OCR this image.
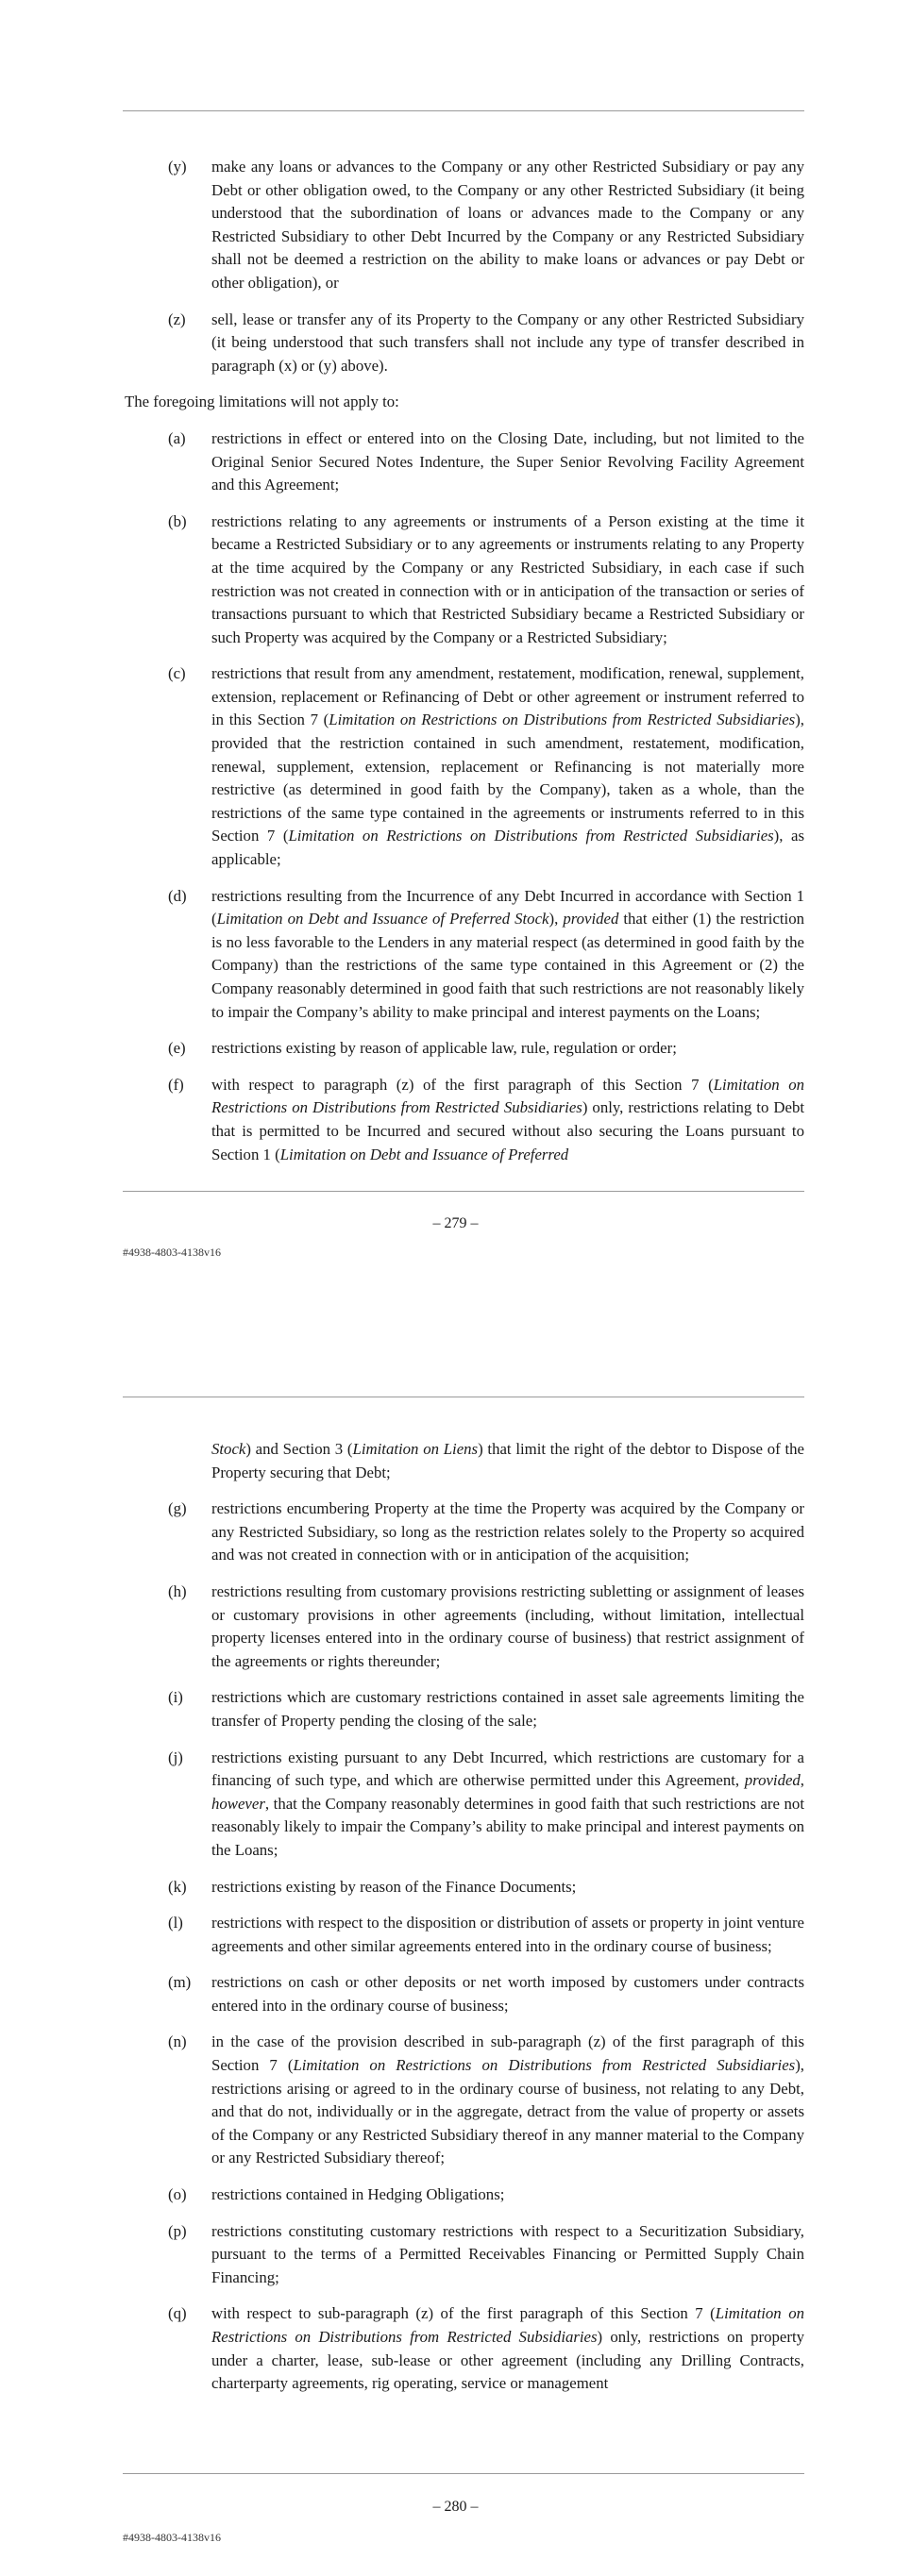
(y)	make any loans or advances to the Company or any other Restricted Subsidiary or pay any Debt or other obligation owed, to the Company or any other Restricted Subsidiary (it being understood that the subordination of loans or advances made to the Company or any Restricted Subsidiary to other Debt Incurred by the Company or any Restricted Subsidiary shall not be deemed a restriction on the ability to make loans or advances or pay Debt or other obligation), or
(z)	sell, lease or transfer any of its Property to the Company or any other Restricted Subsidiary (it being understood that such transfers shall not include any type of transfer described in paragraph (x) or (y) above).
The foregoing limitations will not apply to:
(a)	restrictions in effect or entered into on the Closing Date, including, but not limited to the Original Senior Secured Notes Indenture, the Super Senior Revolving Facility Agreement and this Agreement;
(b)	restrictions relating to any agreements or instruments of a Person existing at the time it became a Restricted Subsidiary or to any agreements or instruments relating to any Property at the time acquired by the Company or any Restricted Subsidiary, in each case if such restriction was not created in connection with or in anticipation of the transaction or series of transactions pursuant to which that Restricted Subsidiary became a Restricted Subsidiary or such Property was acquired by the Company or a Restricted Subsidiary;
(c)	restrictions that result from any amendment, restatement, modification, renewal, supplement, extension, replacement or Refinancing of Debt or other agreement or instrument referred to in this Section 7 (Limitation on Restrictions on Distributions from Restricted Subsidiaries), provided that the restriction contained in such amendment, restatement, modification, renewal, supplement, extension, replacement or Refinancing is not materially more restrictive (as determined in good faith by the Company), taken as a whole, than the restrictions of the same type contained in the agreements or instruments referred to in this Section 7 (Limitation on Restrictions on Distributions from Restricted Subsidiaries), as applicable;
(d)	restrictions resulting from the Incurrence of any Debt Incurred in accordance with Section 1 (Limitation on Debt and Issuance of Preferred Stock), provided that either (1) the restriction is no less favorable to the Lenders in any material respect (as determined in good faith by the Company) than the restrictions of the same type contained in this Agreement or (2) the Company reasonably determined in good faith that such restrictions are not reasonably likely to impair the Company’s ability to make principal and interest payments on the Loans;
(e)	restrictions existing by reason of applicable law, rule, regulation or order;
(f)	with respect to paragraph (z) of the first paragraph of this Section 7 (Limitation on Restrictions on Distributions from Restricted Subsidiaries) only, restrictions relating to Debt that is permitted to be Incurred and secured without also securing the Loans pursuant to Section 1 (Limitation on Debt and Issuance of Preferred
– 279 –
#4938-4803-4138v16
Stock) and Section 3 (Limitation on Liens) that limit the right of the debtor to Dispose of the Property securing that Debt;
(g)	restrictions encumbering Property at the time the Property was acquired by the Company or any Restricted Subsidiary, so long as the restriction relates solely to the Property so acquired and was not created in connection with or in anticipation of the acquisition;
(h)	restrictions resulting from customary provisions restricting subletting or assignment of leases or customary provisions in other agreements (including, without limitation, intellectual property licenses entered into in the ordinary course of business) that restrict assignment of the agreements or rights thereunder;
(i)	restrictions which are customary restrictions contained in asset sale agreements limiting the transfer of Property pending the closing of the sale;
(j)	restrictions existing pursuant to any Debt Incurred, which restrictions are customary for a financing of such type, and which are otherwise permitted under this Agreement, provided, however, that the Company reasonably determines in good faith that such restrictions are not reasonably likely to impair the Company’s ability to make principal and interest payments on the Loans;
(k)	restrictions existing by reason of the Finance Documents;
(l)	restrictions with respect to the disposition or distribution of assets or property in joint venture agreements and other similar agreements entered into in the ordinary course of business;
(m)	restrictions on cash or other deposits or net worth imposed by customers under contracts entered into in the ordinary course of business;
(n)	in the case of the provision described in sub-paragraph (z) of the first paragraph of this Section 7 (Limitation on Restrictions on Distributions from Restricted Subsidiaries), restrictions arising or agreed to in the ordinary course of business, not relating to any Debt, and that do not, individually or in the aggregate, detract from the value of property or assets of the Company or any Restricted Subsidiary thereof in any manner material to the Company or any Restricted Subsidiary thereof;
(o)	restrictions contained in Hedging Obligations;
(p)	restrictions constituting customary restrictions with respect to a Securitization Subsidiary, pursuant to the terms of a Permitted Receivables Financing or Permitted Supply Chain Financing;
(q)	with respect to sub-paragraph (z) of the first paragraph of this Section 7 (Limitation on Restrictions on Distributions from Restricted Subsidiaries) only, restrictions on property under a charter, lease, sub-lease or other agreement (including any Drilling Contracts, charterparty agreements, rig operating, service or management
– 280 –
#4938-4803-4138v16
